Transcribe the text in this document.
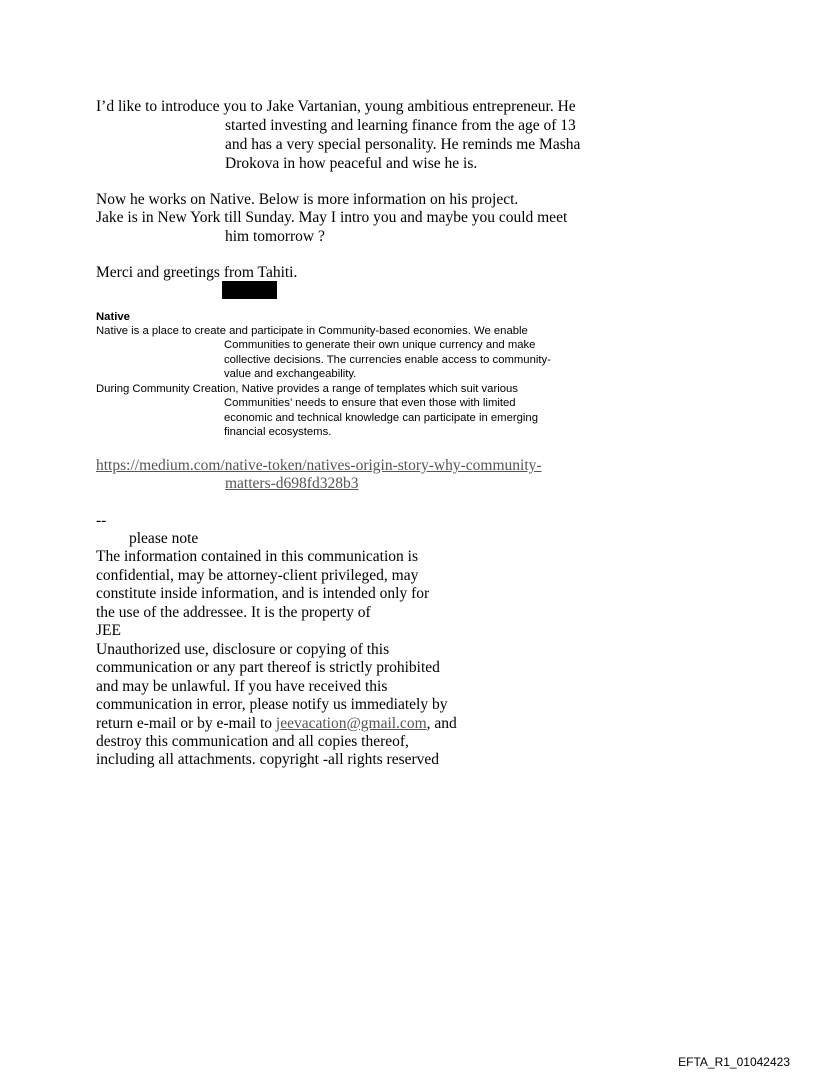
I’d like to introduce you to Jake Vartanian, young ambitious entrepreneur. He
started investing and learning finance from the age of 13
and has a very special personality. He reminds me Masha
Drokova in how peaceful and wise he is.
Now he works on Native. Below is more information on his project.
Jake is in New York till Sunday. May I intro you and maybe you could meet
him tomorrow ?
Merci and greetings from Tahiti.
Native
Native is a place to create and participate in Community-based economies. We enable
Communities to generate their own unique currency and make
collective decisions. The currencies enable access to community-
value and exchangeability.
During Community Creation, Native provides a range of templates which suit various
Communities’ needs to ensure that even those with limited
economic and technical knowledge can participate in emerging
financial ecosystems.
https://medium.com/native-token/natives-origin-story-why-community-
matters-d698fd328b3
--
please note
The information contained in this communication is
confidential, may be attorney-client privileged, may
constitute inside information, and is intended only for
the use of the addressee. It is the property of
JEE
Unauthorized use, disclosure or copying of this
communication or any part thereof is strictly prohibited
and may be unlawful. If you have received this
communication in error, please notify us immediately by
return e-mail or by e-mail to jeevacation@gmail.com, and
destroy this communication and all copies thereof,
including all attachments. copyright -all rights reserved
EFTA_R1_01042423
